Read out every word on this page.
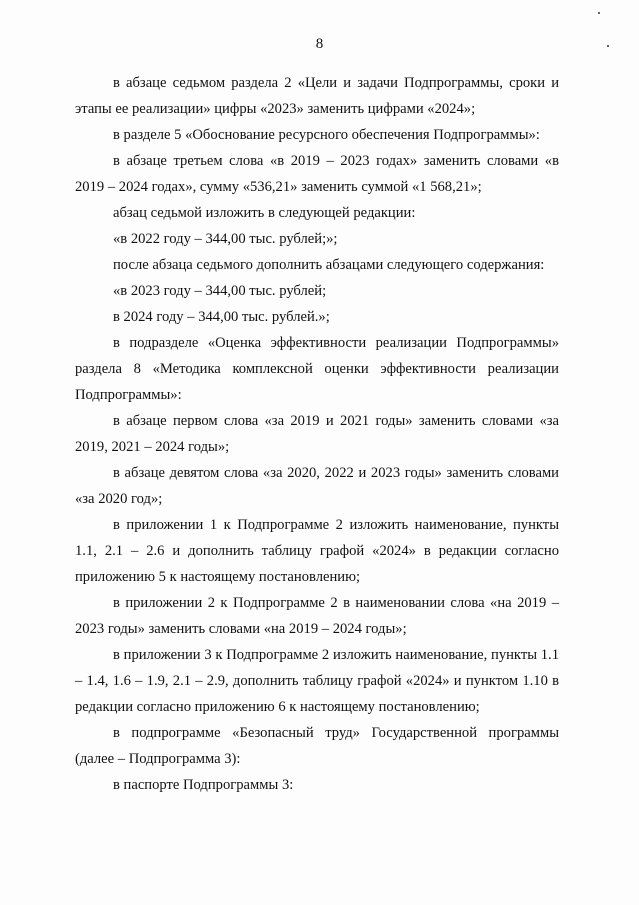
8

в абзаце седьмом раздела 2 «Цели и задачи Подпрограммы, сроки и этапы ее реализации» цифры «2023» заменить цифрами «2024»;

в разделе 5 «Обоснование ресурсного обеспечения Подпрограммы»:

в абзаце третьем слова «в 2019 – 2023 годах» заменить словами «в 2019 – 2024 годах», сумму «536,21» заменить суммой «1 568,21»;

абзац седьмой изложить в следующей редакции:

«в 2022 году – 344,00 тыс. рублей;»;

после абзаца седьмого дополнить абзацами следующего содержания:

«в 2023 году – 344,00 тыс. рублей;

в 2024 году – 344,00 тыс. рублей.»;

в подразделе «Оценка эффективности реализации Подпрограммы» раздела 8 «Методика комплексной оценки эффективности реализации Подпрограммы»:

в абзаце первом слова «за 2019 и 2021 годы» заменить словами «за 2019, 2021 – 2024 годы»;

в абзаце девятом слова «за 2020, 2022 и 2023 годы» заменить словами «за 2020 год»;

в приложении 1 к Подпрограмме 2 изложить наименование, пункты 1.1, 2.1 – 2.6 и дополнить таблицу графой «2024» в редакции согласно приложению 5 к настоящему постановлению;

в приложении 2 к Подпрограмме 2 в наименовании слова «на 2019 – 2023 годы» заменить словами «на 2019 – 2024 годы»;

в приложении 3 к Подпрограмме 2 изложить наименование, пункты 1.1 – 1.4, 1.6 – 1.9, 2.1 – 2.9, дополнить таблицу графой «2024» и пунктом 1.10 в редакции согласно приложению 6 к настоящему постановлению;

в подпрограмме «Безопасный труд» Государственной программы (далее – Подпрограмма 3):

в паспорте Подпрограммы 3:
